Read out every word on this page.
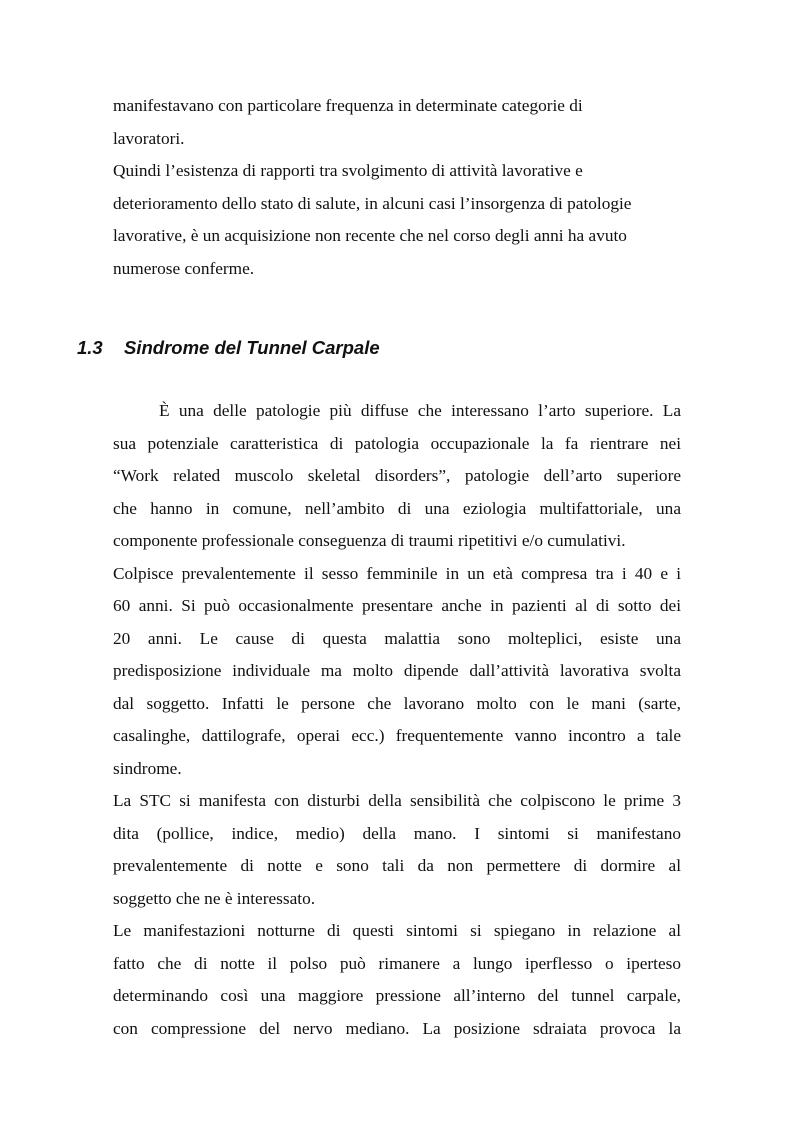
manifestavano con particolare frequenza in determinate categorie di
lavoratori.
Quindi l’esistenza di rapporti tra svolgimento di attività lavorative e
deterioramento dello stato di salute, in alcuni casi l’insorgenza di patologie
lavorative, è un acquisizione non recente che nel corso degli anni ha avuto
numerose conferme.
1.3 Sindrome del Tunnel Carpale
È una delle patologie più diffuse che interessano l’arto superiore. La
sua potenziale caratteristica di patologia occupazionale la fa rientrare nei
“Work related muscolo skeletal disorders”, patologie dell’arto superiore
che hanno in comune, nell’ambito di una eziologia multifattoriale, una
componente professionale conseguenza di traumi ripetitivi e/o cumulativi.
Colpisce prevalentemente il sesso femminile in un età compresa tra i 40 e i
60 anni. Si può occasionalmente presentare anche in pazienti al di sotto dei
20 anni. Le cause di questa malattia sono molteplici, esiste una
predisposizione individuale ma molto dipende dall’attività lavorativa svolta
dal soggetto. Infatti le persone che lavorano molto con le mani (sarte,
casalinghe, dattilografe, operai ecc.) frequentemente vanno incontro a tale
sindrome.
La STC si manifesta con disturbi della sensibilità che colpiscono le prime 3
dita (pollice, indice, medio) della mano. I sintomi si manifestano
prevalentemente di notte e sono tali da non permettere di dormire al
soggetto che ne è interessato.
Le manifestazioni notturne di questi sintomi si spiegano in relazione al
fatto che di notte il polso può rimanere a lungo iperflesso o iperteso
determinando così una maggiore pressione all’interno del tunnel carpale,
con compressione del nervo mediano. La posizione sdraiata provoca la
